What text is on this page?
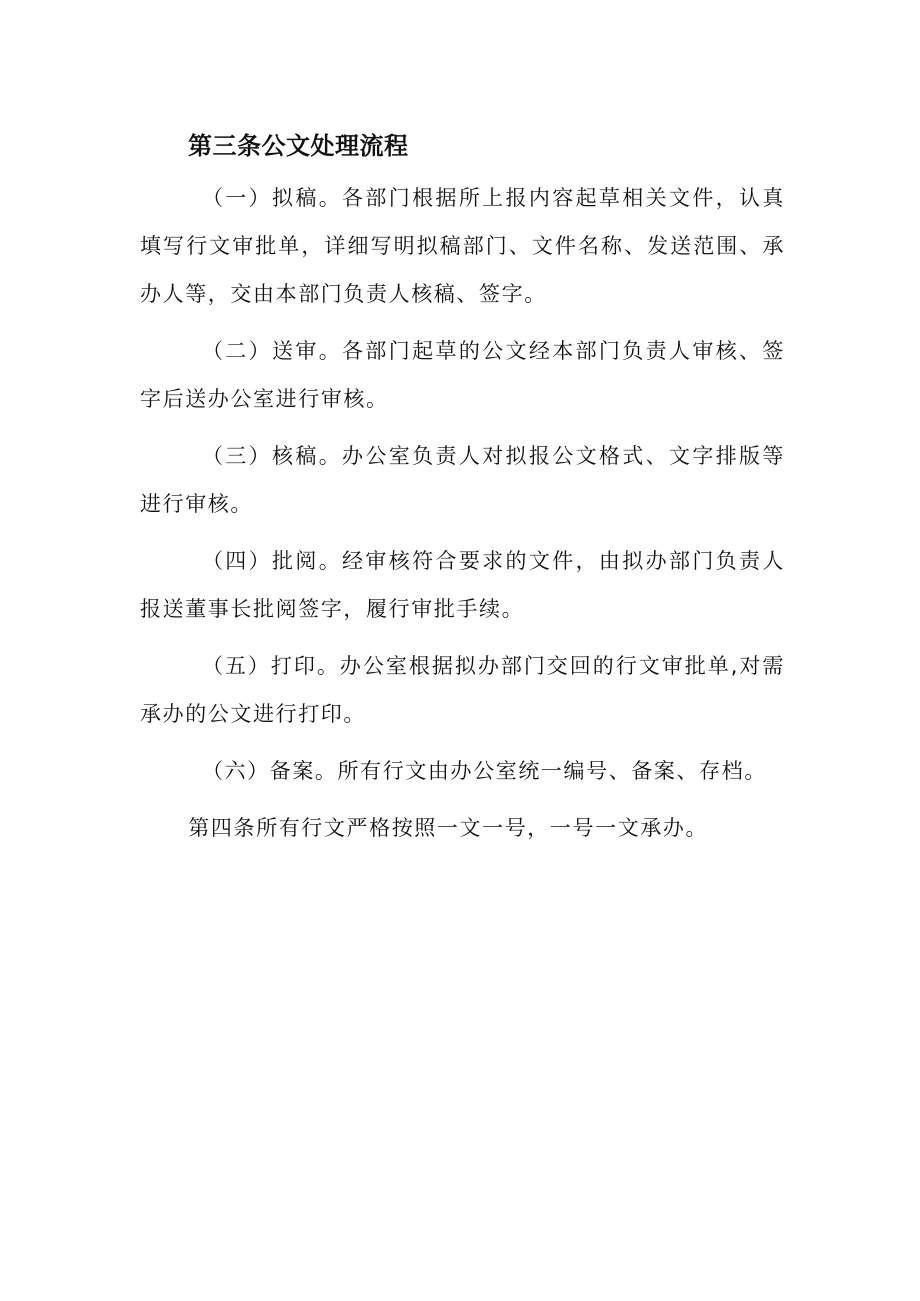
第三条公文处理流程

（一）拟稿。各部门根据所上报内容起草相关文件，认真填写行文审批单，详细写明拟稿部门、文件名称、发送范围、承办人等，交由本部门负责人核稿、签字。

（二）送审。各部门起草的公文经本部门负责人审核、签字后送办公室进行审核。

（三）核稿。办公室负责人对拟报公文格式、文字排版等进行审核。

（四）批阅。经审核符合要求的文件，由拟办部门负责人报送董事长批阅签字，履行审批手续。

（五）打印。办公室根据拟办部门交回的行文审批单,对需承办的公文进行打印。

（六）备案。所有行文由办公室统一编号、备案、存档。

第四条所有行文严格按照一文一号，一号一文承办。
